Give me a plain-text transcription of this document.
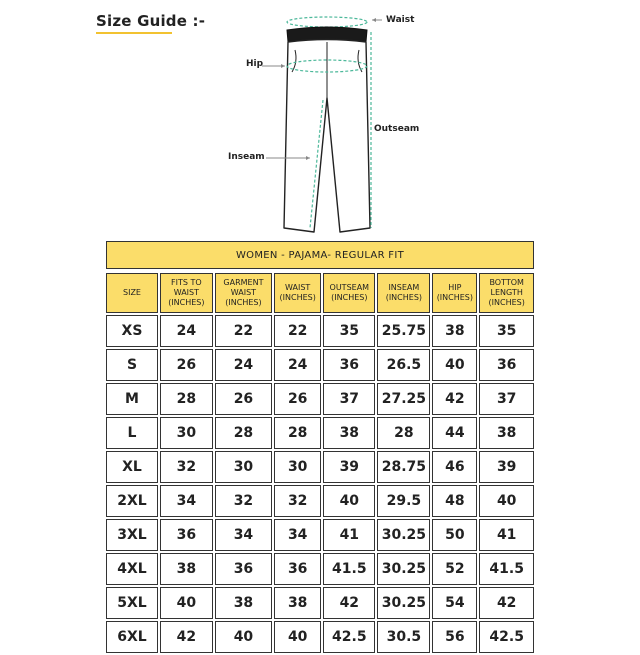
Size Guide :-	Waist
Hip
Outseam
Inseam
WOMEN - PAJAMA- REGULAR FIT
SIZE	FITS TO WAIST (INCHES)	GARMENT WAIST (INCHES)	WAIST (INCHES)	OUTSEAM (INCHES)	INSEAM (INCHES)	HIP (INCHES)	BOTTOM LENGTH (INCHES)
XS	24	22	22	35	25.75	38	35
S	26	24	24	36	26.5	40	36
M	28	26	26	37	27.25	42	37
L	30	28	28	38	28	44	38
XL	32	30	30	39	28.75	46	39
2XL	34	32	32	40	29.5	48	40
3XL	36	34	34	41	30.25	50	41
4XL	38	36	36	41.5	30.25	52	41.5
5XL	40	38	38	42	30.25	54	42
6XL	42	40	40	42.5	30.5	56	42.5
